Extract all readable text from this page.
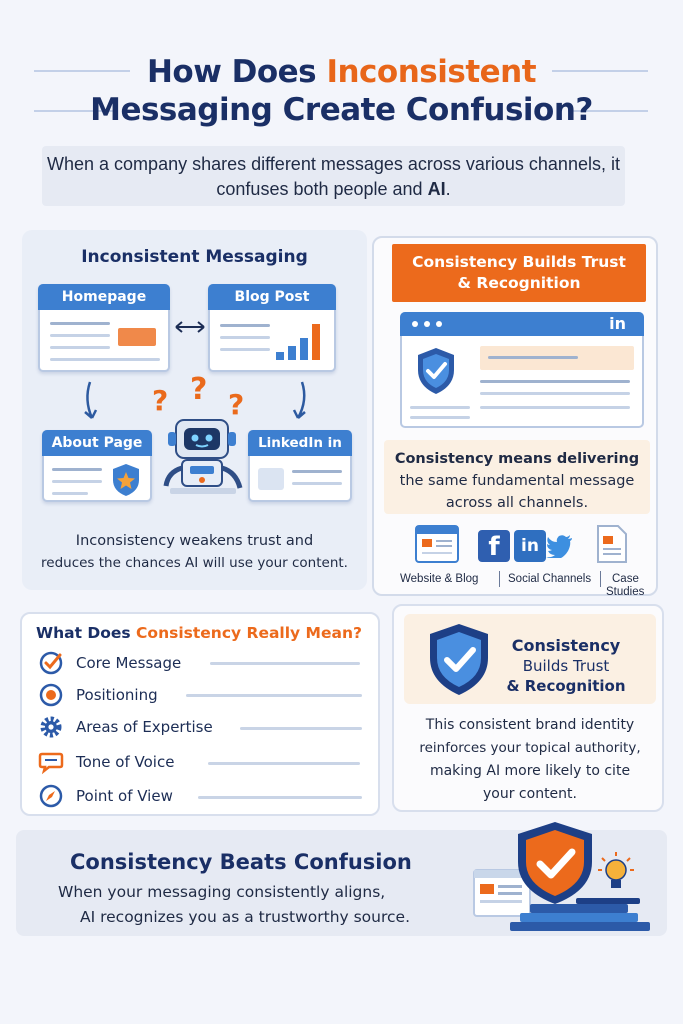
How Does Inconsistent
Messaging Create Confusion?
When a company shares different messages across various channels, it confuses both people and AI.
Inconsistent Messaging
Homepage	Blog Post
? ? ?
About Page	LinkedIn in
Inconsistency weakens trust and
reduces the chances AI will use your content.
Consistency Builds Trust
& Recognition
in
Consistency means delivering
the same fundamental message
across all channels.
f	in
Website & Blog	Social Channels Case
Studies
What Does Consistency Really Mean?
Core Message
Positioning
Areas of Expertise
Tone of Voice
Point of View
Consistency
Builds Trust
& Recognition
This consistent brand identity
reinforces your topical authority,
making AI more likely to cite
your content.
Consistency Beats Confusion
When your messaging consistently aligns,
AI recognizes you as a trustworthy source.
